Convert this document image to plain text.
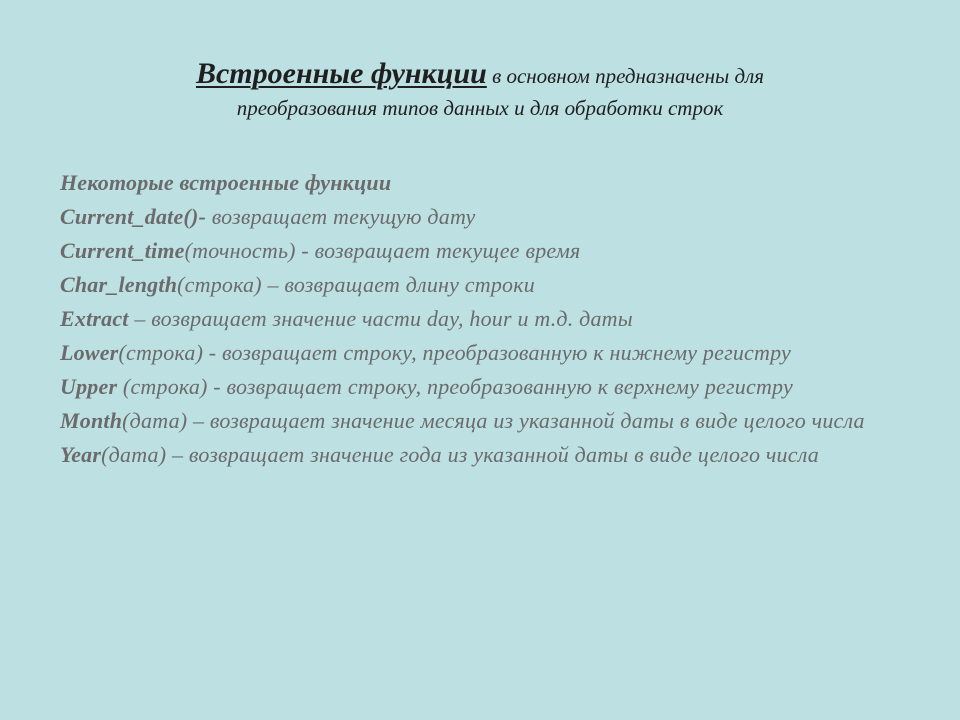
Встроенные функции в основном предназначены для
преобразования типов данных и для обработки строк
Некоторые встроенные функции
Current_date()- возвращает текущую дату
Current_time(точность) - возвращает текущее время
Char_length(строка) – возвращает длину строки
Extract – возвращает значение части day, hour и т.д. даты
Lower(строка) - возвращает строку, преобразованную к нижнему регистру
Upper (строка) - возвращает строку, преобразованную к верхнему регистру
Month(дата) – возвращает значение месяца из указанной даты в виде целого числа
Year(дата) – возвращает значение года из указанной даты в виде целого числа
